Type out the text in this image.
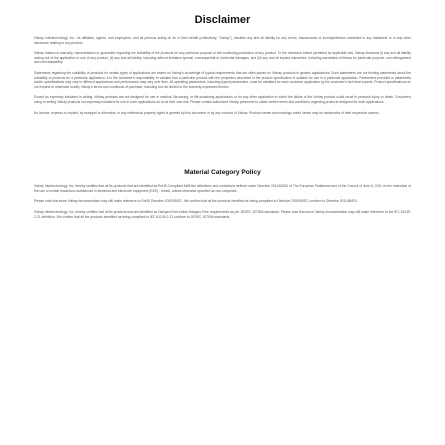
Disclaimer

Vishay Intertechnology, Inc., its affiliates, agents, and employees, and all persons acting on its or their behalf (collectively, "Vishay"), disclaim any and all liability for any errors, inaccuracies or incompleteness contained in any datasheet or in any other disclosure relating to any product.

Vishay makes no warranty, representation or guarantee regarding the suitability of the products for any particular purpose or the continuing production of any product. To the maximum extent permitted by applicable law, Vishay disclaims (i) any and all liability arising out of the application or use of any product, (ii) any and all liability, including without limitation special, consequential or incidental damages, and (iii) any and all implied warranties, including warranties of fitness for particular purpose, non-infringement and merchantability.

Statements regarding the suitability of products for certain types of applications are based on Vishay's knowledge of typical requirements that are often placed on Vishay products in generic applications. Such statements are not binding statements about the suitability of products for a particular application. It is the customer's responsibility to validate that a particular product with the properties described in the product specification is suitable for use in a particular application. Parameters provided in datasheets and/or specifications may vary in different applications and performance may vary over time. All operating parameters, including typical parameters, must be validated for each customer application by the customer's technical experts. Product specifications do not expand or otherwise modify Vishay's terms and conditions of purchase, including but not limited to the warranty expressed therein.

Except as expressly indicated in writing, Vishay products are not designed for use in medical, life-saving, or life-sustaining applications or for any other application in which the failure of the Vishay product could result in personal injury or death. Customers using or selling Vishay products not expressly indicated for use in such applications do so at their own risk. Please contact authorized Vishay personnel to obtain written terms and conditions regarding products designed for such applications.

No license, express or implied, by estoppel or otherwise, to any intellectual property rights is granted by this document or by any conduct of Vishay. Product names and markings noted herein may be trademarks of their respective owners.

Material Category Policy

Vishay Intertechnology, Inc. hereby certifies that all its products that are identified as RoHS-Compliant fulfill the definitions and restrictions defined under Directive 2011/65/EU of The European Parliament and of the Council of June 8, 2011 on the restriction of the use of certain hazardous substances in electrical and electronic equipment (EEE) - recast, unless otherwise specified as non-compliant.

Please note that some Vishay documentation may still make reference to RoHS Directive 2002/95/EC. We confirm that all the products identified as being compliant to Directive 2002/95/EC conform to Directive 2011/65/EU.

Vishay Intertechnology, Inc. hereby certifies that all its products that are identified as Halogen-Free follow Halogen-Free requirements as per JEDEC JS709A standards. Please note that some Vishay documentation may still make reference to the IEC 61249-2-21 definition. We confirm that all the products identified as being compliant to IEC 61249-2-21 conform to JEDEC JS709A standards.
